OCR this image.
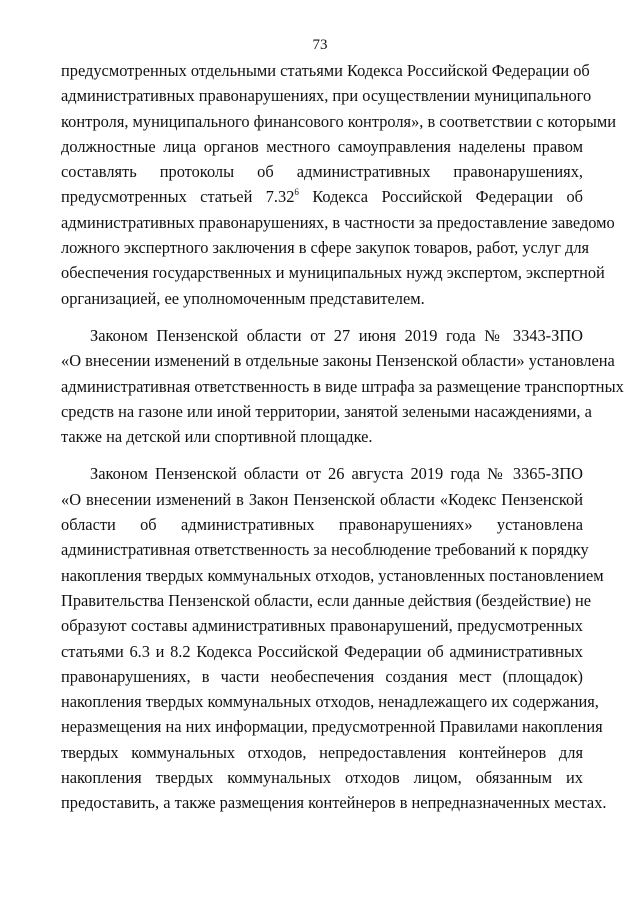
73

предусмотренных отдельными статьями Кодекса Российской Федерации об
административных правонарушениях, при осуществлении муниципального
контроля, муниципального финансового контроля», в соответствии с которыми
должностные лица органов местного самоуправления наделены правом
составлять протоколы об административных правонарушениях,
предусмотренных статьей 7.32$^6$ Кодекса Российской Федерации об
административных правонарушениях, в частности за предоставление заведомо
ложного экспертного заключения в сфере закупок товаров, работ, услуг для
обеспечения государственных и муниципальных нужд экспертом, экспертной
организацией, ее уполномоченным представителем.

Законом Пензенской области от 27 июня 2019 года № 3343-ЗПО
«О внесении изменений в отдельные законы Пензенской области» установлена
административная ответственность в виде штрафа за размещение транспортных
средств на газоне или иной территории, занятой зелеными насаждениями, а
также на детской или спортивной площадке.

Законом Пензенской области от 26 августа 2019 года № 3365-ЗПО
«О внесении изменений в Закон Пензенской области «Кодекс Пензенской
области об административных правонарушениях» установлена
административная ответственность за несоблюдение требований к порядку
накопления твердых коммунальных отходов, установленных постановлением
Правительства Пензенской области, если данные действия (бездействие) не
образуют составы административных правонарушений, предусмотренных
статьями 6.3 и 8.2 Кодекса Российской Федерации об административных
правонарушениях, в части необеспечения создания мест (площадок)
накопления твердых коммунальных отходов, ненадлежащего их содержания,
неразмещения на них информации, предусмотренной Правилами накопления
твердых коммунальных отходов, непредоставления контейнеров для
накопления твердых коммунальных отходов лицом, обязанным их
предоставить, а также размещения контейнеров в непредназначенных местах.
